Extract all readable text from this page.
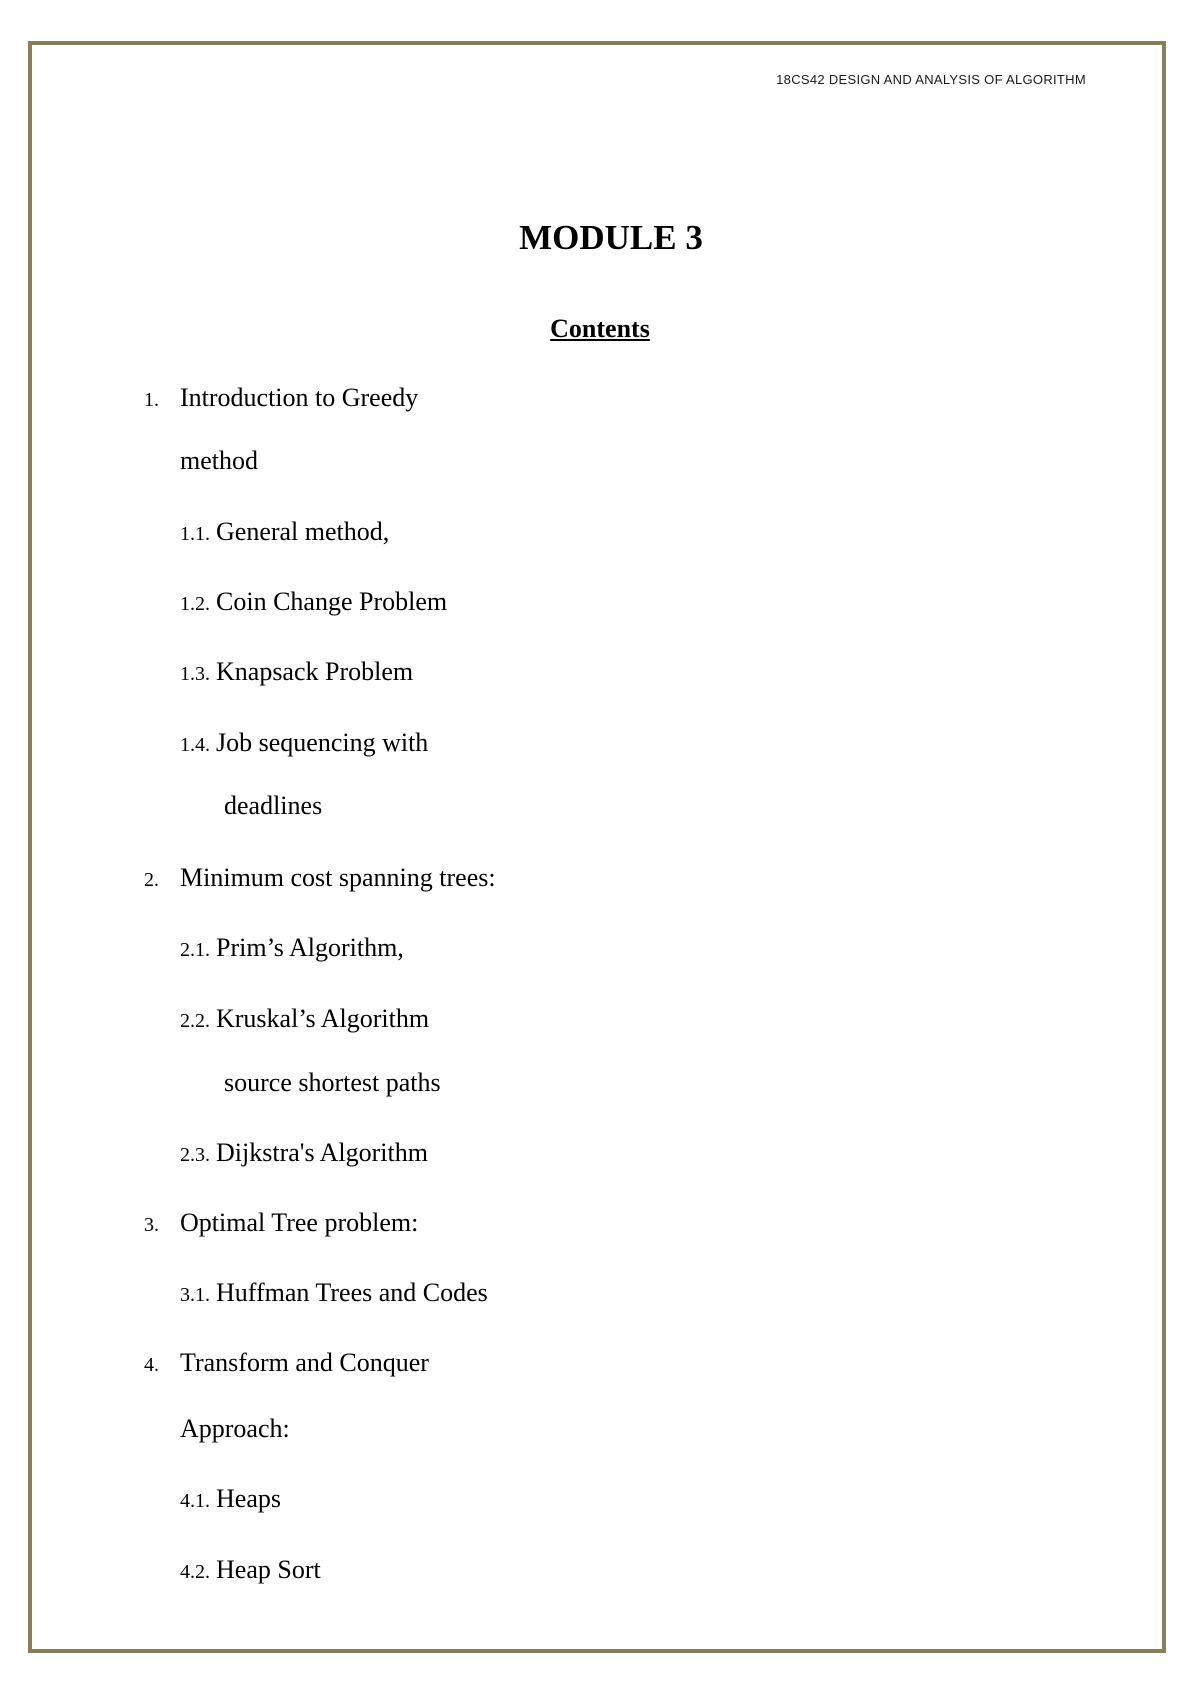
18CS42 DESIGN AND ANALYSIS OF ALGORITHM
MODULE 3
Contents
1. Introduction to Greedy
method
1.1. General method,
1.2. Coin Change Problem
1.3. Knapsack Problem
1.4. Job sequencing with
deadlines
2. Minimum cost spanning trees:
2.1. Prim’s Algorithm,
2.2. Kruskal’s Algorithm
source shortest paths
2.3. Dijkstra's Algorithm
3. Optimal Tree problem:
3.1. Huffman Trees and Codes
4. Transform and Conquer
Approach:
4.1. Heaps
4.2. Heap Sort
